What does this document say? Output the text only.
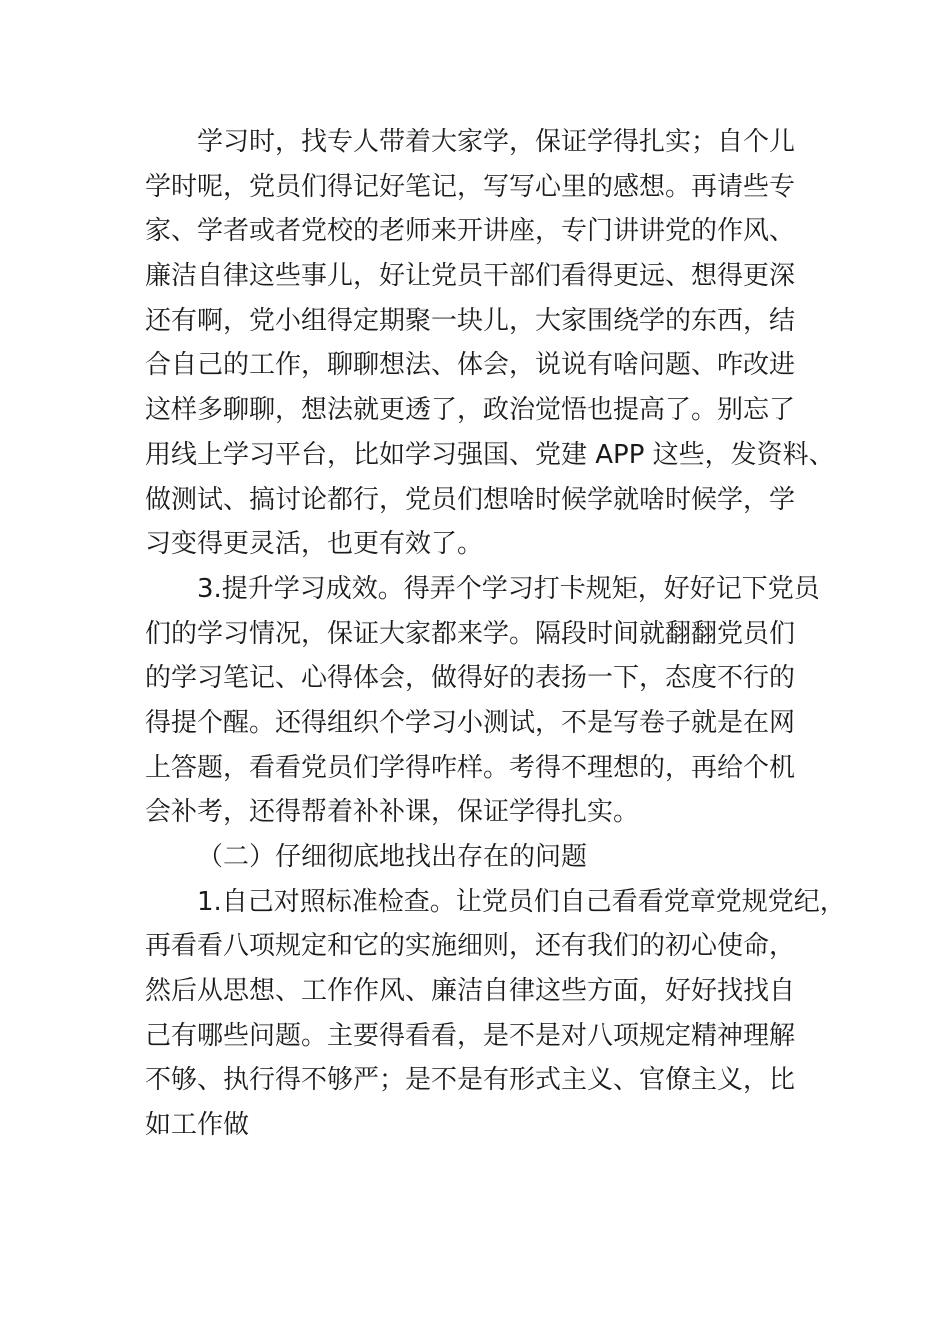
学习时，找专人带着大家学，保证学得扎实；自个儿
学时呢，党员们得记好笔记，写写心里的感想。再请些专
家、学者或者党校的老师来开讲座，专门讲讲党的作风、
廉洁自律这些事儿，好让党员干部们看得更远、想得更深
还有啊，党小组得定期聚一块儿，大家围绕学的东西，结
合自己的工作，聊聊想法、体会，说说有啥问题、咋改进
这样多聊聊，想法就更透了，政治觉悟也提高了。别忘了
用线上学习平台，比如学习强国、党建 APP 这些，发资料、
做测试、搞讨论都行，党员们想啥时候学就啥时候学，学
习变得更灵活，也更有效了。
3.提升学习成效。得弄个学习打卡规矩，好好记下党员
们的学习情况，保证大家都来学。隔段时间就翻翻党员们
的学习笔记、心得体会，做得好的表扬一下，态度不行的
得提个醒。还得组织个学习小测试，不是写卷子就是在网
上答题，看看党员们学得咋样。考得不理想的，再给个机
会补考，还得帮着补补课，保证学得扎实。
（二）仔细彻底地找出存在的问题
1.自己对照标准检查。让党员们自己看看党章党规党纪，
再看看八项规定和它的实施细则，还有我们的初心使命，
然后从思想、工作作风、廉洁自律这些方面，好好找找自
己有哪些问题。主要得看看，是不是对八项规定精神理解
不够、执行得不够严；是不是有形式主义、官僚主义，比
如工作做
